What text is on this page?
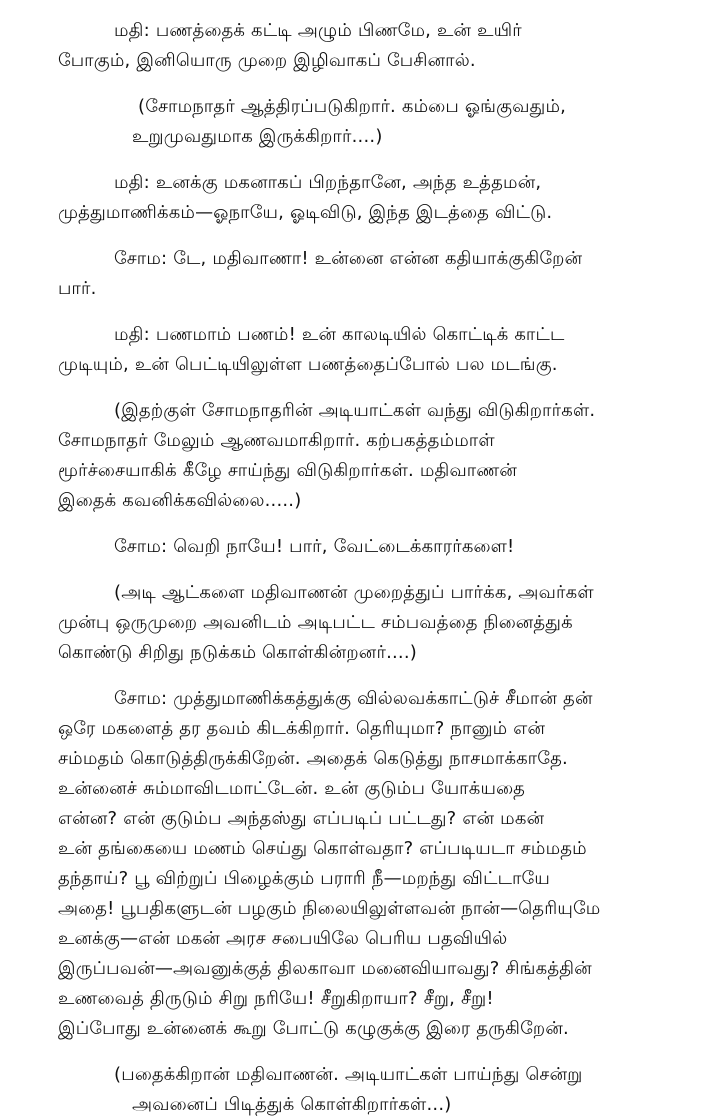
மதி: பணத்தைக் கட்டி அழும் பிணமே, உன் உயிர்
போகும், இனியொரு முறை இழிவாகப் பேசினால்.
(சோமநாதர் ஆத்திரப்படுகிறார். கம்பை ஓங்குவதும்,
உறுமுவதுமாக இருக்கிறார்....)
மதி: உனக்கு மகனாகப் பிறந்தானே, அந்த உத்தமன்,
முத்துமாணிக்கம்—ஓநாயே, ஓடிவிடு, இந்த இடத்தை விட்டு.
சோம: டே, மதிவாணா! உன்னை என்ன கதியாக்குகிறேன்
பார்.
மதி: பணமாம் பணம்! உன் காலடியில் கொட்டிக் காட்ட
முடியும், உன் பெட்டியிலுள்ள பணத்தைப்போல் பல மடங்கு.
(இதற்குள் சோமநாதரின் அடியாட்கள் வந்து விடுகிறார்கள்.
சோமநாதர் மேலும் ஆணவமாகிறார். கற்பகத்தம்மாள்
மூர்ச்சையாகிக் கீழே சாய்ந்து விடுகிறார்கள். மதிவாணன்
இதைக் கவனிக்கவில்லை.....)
சோம: வெறி நாயே! பார், வேட்டைக்காரர்களை!
(அடி ஆட்களை மதிவாணன் முறைத்துப் பார்க்க, அவர்கள்
முன்பு ஒருமுறை அவனிடம் அடிபட்ட சம்பவத்தை நினைத்துக்
கொண்டு சிறிது நடுக்கம் கொள்கின்றனர்....)
சோம: முத்துமாணிக்கத்துக்கு வில்லவக்காட்டுச் சீமான் தன்
ஒரே மகளைத் தர தவம் கிடக்கிறார். தெரியுமா? நானும் என்
சம்மதம் கொடுத்திருக்கிறேன். அதைக் கெடுத்து நாசமாக்காதே.
உன்னைச் சும்மாவிடமாட்டேன். உன் குடும்ப யோக்யதை
என்ன? என் குடும்ப அந்தஸ்து எப்படிப் பட்டது? என் மகன்
உன் தங்கையை மணம் செய்து கொள்வதா? எப்படியடா சம்மதம்
தந்தாய்? பூ விற்றுப் பிழைக்கும் பராரி நீ—மறந்து விட்டாயே
அதை! பூபதிகளுடன் பழகும் நிலையிலுள்ளவன் நான்—தெரியுமே
உனக்கு—என் மகன் அரச சபையிலே பெரிய பதவியில்
இருப்பவன்—அவனுக்குத் திலகாவா மனைவியாவது? சிங்கத்தின்
உணவைத் திருடும் சிறு நரியே! சீறுகிறாயா? சீறு, சீறு!
இப்போது உன்னைக் கூறு போட்டு கழுகுக்கு இரை தருகிறேன்.
(பதைக்கிறான் மதிவாணன். அடியாட்கள் பாய்ந்து சென்று
அவனைப் பிடித்துக் கொள்கிறார்கள்...)
